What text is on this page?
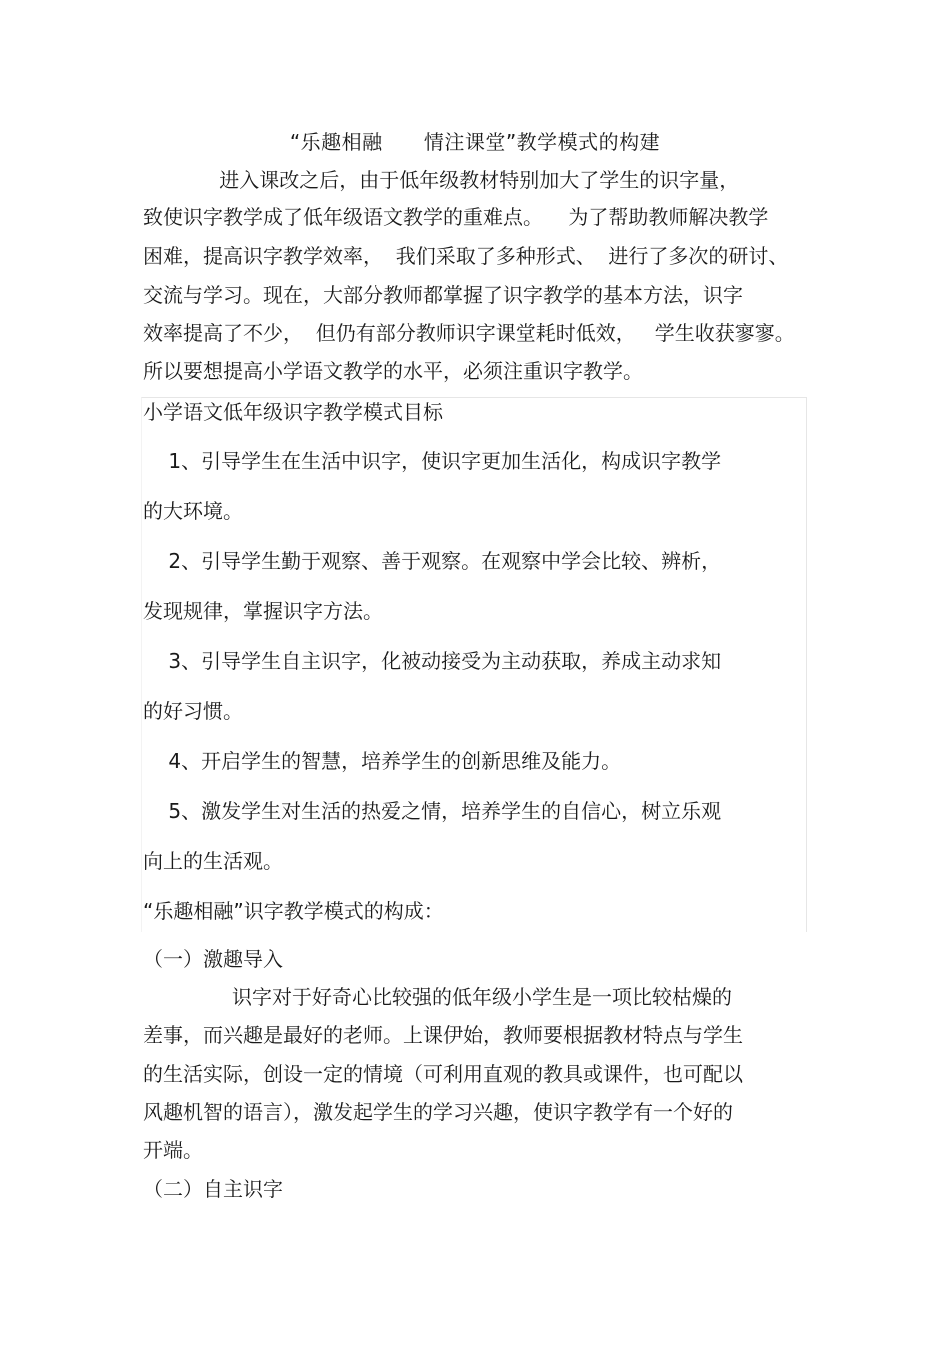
“乐趣相融      情注课堂”教学模式的构建
进入课改之后，由于低年级教材特别加大了学生的识字量，
致使识字教学成了低年级语文教学的重难点。    为了帮助教师解决教学
困难，提高识字教学效率，  我们采取了多种形式、  进行了多次的研讨、
交流与学习。现在，大部分教师都掌握了识字教学的基本方法，识字
效率提高了不少，  但仍有部分教师识字课堂耗时低效，   学生收获寥寥。
所以要想提高小学语文教学的水平，必须注重识字教学。
小学语文低年级识字教学模式目标
1、引导学生在生活中识字，使识字更加生活化，构成识字教学
的大环境。
2、引导学生勤于观察、善于观察。在观察中学会比较、辨析，
发现规律，掌握识字方法。
3、引导学生自主识字，化被动接受为主动获取，养成主动求知
的好习惯。
4、开启学生的智慧，培养学生的创新思维及能力。
5、激发学生对生活的热爱之情，培养学生的自信心，树立乐观
向上的生活观。
“乐趣相融”识字教学模式的构成：
（一）激趣导入
识字对于好奇心比较强的低年级小学生是一项比较枯燥的
差事，而兴趣是最好的老师。上课伊始，教师要根据教材特点与学生
的生活实际，创设一定的情境（可利用直观的教具或课件，也可配以
风趣机智的语言），激发起学生的学习兴趣，使识字教学有一个好的
开端。
（二）自主识字
